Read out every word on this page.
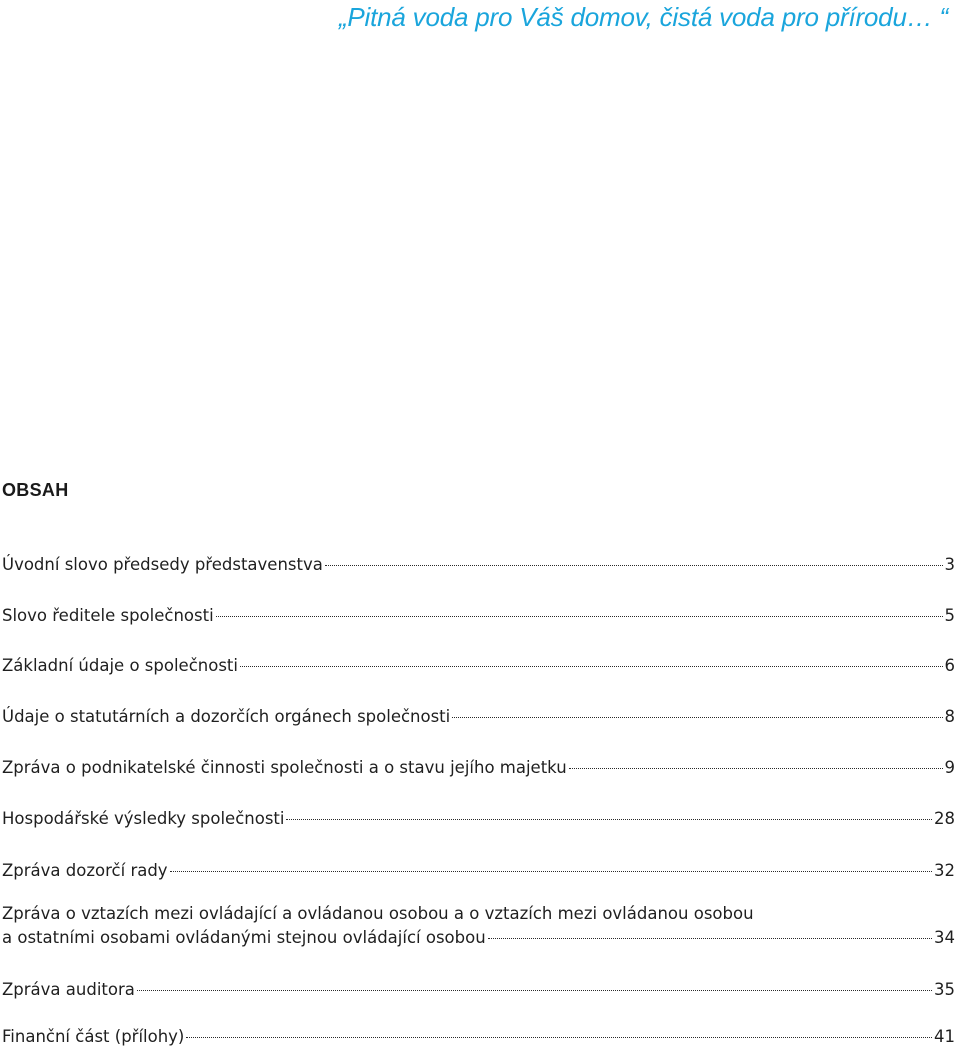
„Pitná voda pro Váš domov, čistá voda pro přírodu… “
OBSAH
Úvodní slovo předsedy představenstva	3
Slovo ředitele společnosti	5
Základní údaje o společnosti	6
Údaje o statutárních a dozorčích orgánech společnosti	8
Zpráva o podnikatelské činnosti společnosti a o stavu jejího majetku	9
Hospodářské výsledky společnosti	28
Zpráva dozorčí rady	32
Zpráva o vztazích mezi ovládající a ovládanou osobou a o vztazích mezi ovládanou osobou
a ostatními osobami ovládanými stejnou ovládající osobou	34
Zpráva auditora	35
Finanční část (přílohy)	41
